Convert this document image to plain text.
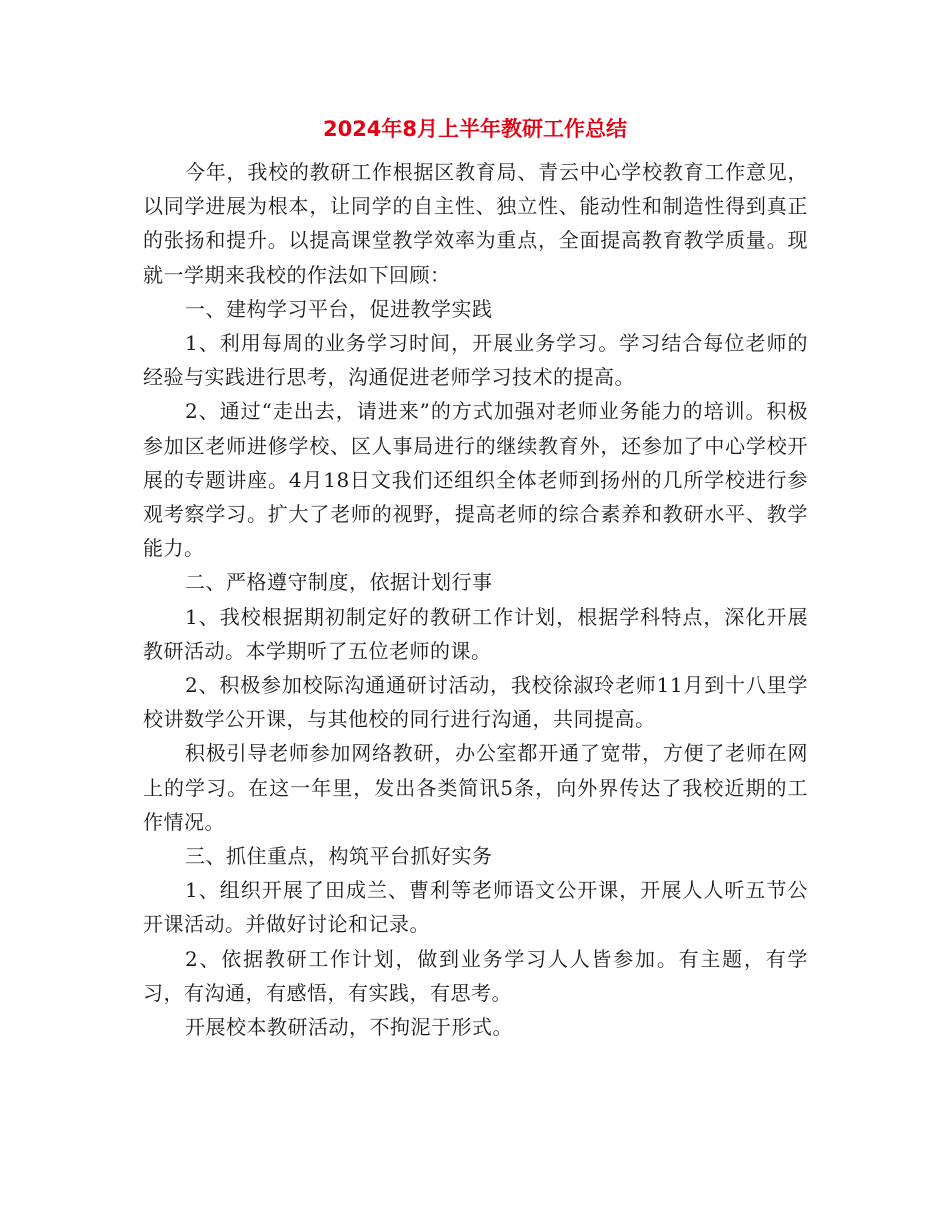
2024年8月上半年教研工作总结

今年，我校的教研工作根据区教育局、青云中心学校教育工作意见，以同学进展为根本，让同学的自主性、独立性、能动性和制造性得到真正的张扬和提升。以提高课堂教学效率为重点，全面提高教育教学质量。现就一学期来我校的作法如下回顾：

一、建构学习平台，促进教学实践

1、利用每周的业务学习时间，开展业务学习。学习结合每位老师的经验与实践进行思考，沟通促进老师学习技术的提高。

2、通过“走出去，请进来”的方式加强对老师业务能力的培训。积极参加区老师进修学校、区人事局进行的继续教育外，还参加了中心学校开展的专题讲座。4月18日文我们还组织全体老师到扬州的几所学校进行参观考察学习。扩大了老师的视野，提高老师的综合素养和教研水平、教学能力。

二、严格遵守制度，依据计划行事

1、我校根据期初制定好的教研工作计划，根据学科特点，深化开展教研活动。本学期听了五位老师的课。

2、积极参加校际沟通通研讨活动，我校徐淑玲老师11月到十八里学校讲数学公开课，与其他校的同行进行沟通，共同提高。

积极引导老师参加网络教研，办公室都开通了宽带，方便了老师在网上的学习。在这一年里，发出各类简讯5条，向外界传达了我校近期的工作情况。

三、抓住重点，构筑平台抓好实务

1、组织开展了田成兰、曹利等老师语文公开课，开展人人听五节公开课活动。并做好讨论和记录。

2、依据教研工作计划，做到业务学习人人皆参加。有主题，有学习，有沟通，有感悟，有实践，有思考。

开展校本教研活动，不拘泥于形式。
